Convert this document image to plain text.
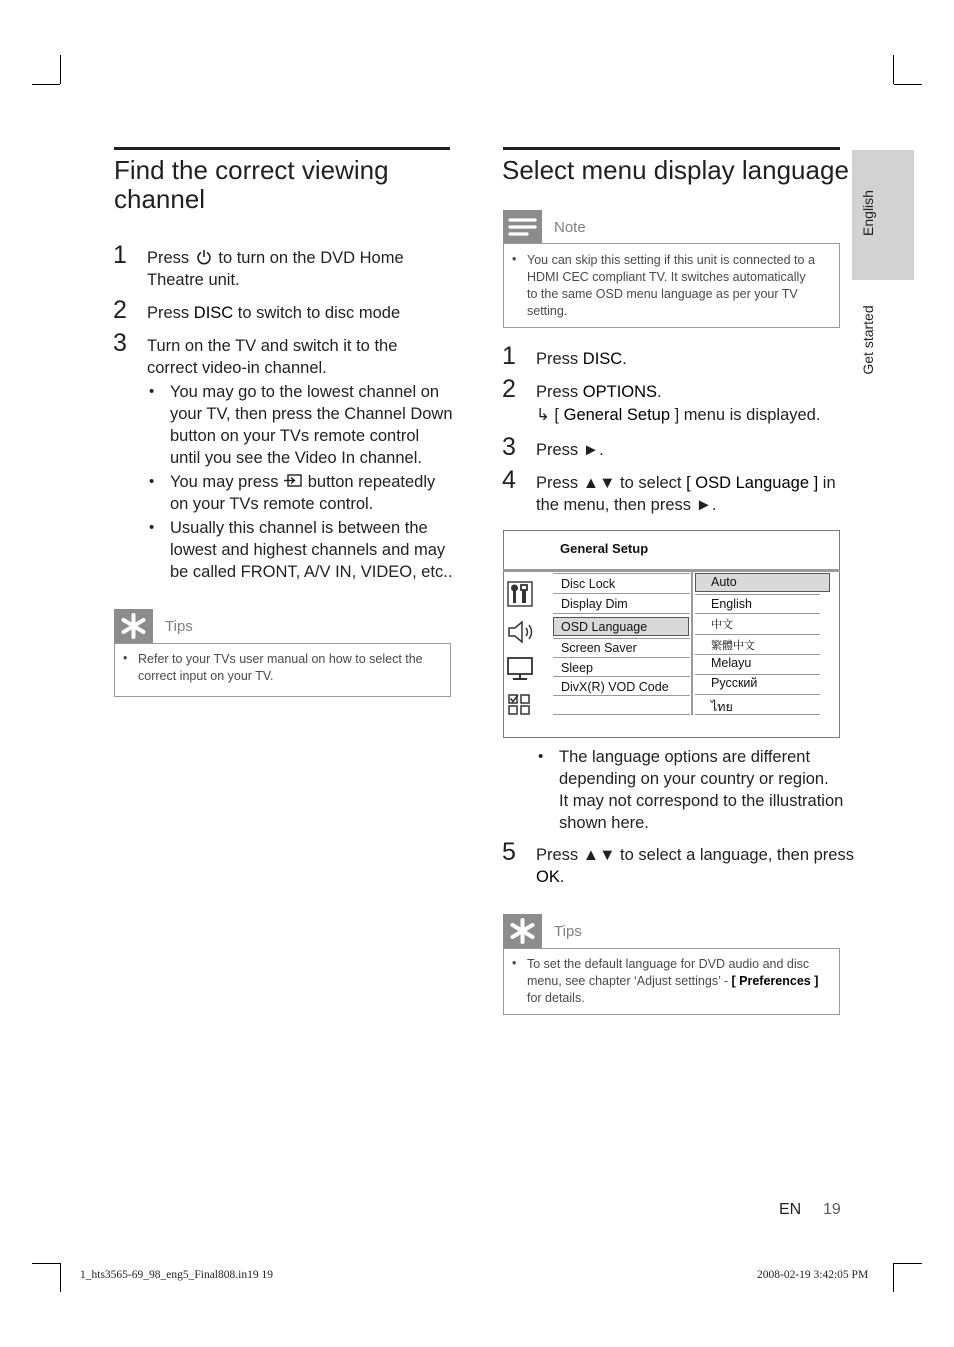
English
Get started
Find the correct viewing
channel
1 Press to turn on the DVD Home
Theatre unit.
2 Press DISC to switch to disc mode
3 Turn on the TV and switch it to the
correct video-in channel.
• You may go to the lowest channel on
your TV, then press the Channel Down
button on your TVs remote control
until you see the Video In channel.
• You may press button repeatedly
on your TVs remote control.
• Usually this channel is between the
lowest and highest channels and may
be called FRONT, A/V IN, VIDEO, etc..
Tips
• Refer to your TVs user manual on how to select the
correct input on your TV.
Select menu display language
Note
• You can skip this setting if this unit is connected to a
HDMI CEC compliant TV. It switches automatically
to the same OSD menu language as per your TV
setting.
1 Press DISC.
2 Press OPTIONS.
↳ [ General Setup ] menu is displayed.
3 Press ►.
4 Press ▲▼ to select [ OSD Language ] in
the menu, then press ►.
General Setup
Disc Lock
Display Dim
OSD Language
Screen Saver
Sleep
DivX(R) VOD Code
Auto
English
中文
繁體中文
Melayu
Русский
ไทย
• The language options are different
depending on your country or region.
It may not correspond to the illustration
shown here.
5 Press ▲▼ to select a language, then press
OK.
Tips
• To set the default language for DVD audio and disc
menu, see chapter ‘Adjust settings’ - [ Preferences ]
for details.
EN 19
1_hts3565-69_98_eng5_Final808.in19 19	2008-02-19 3:42:05 PM
